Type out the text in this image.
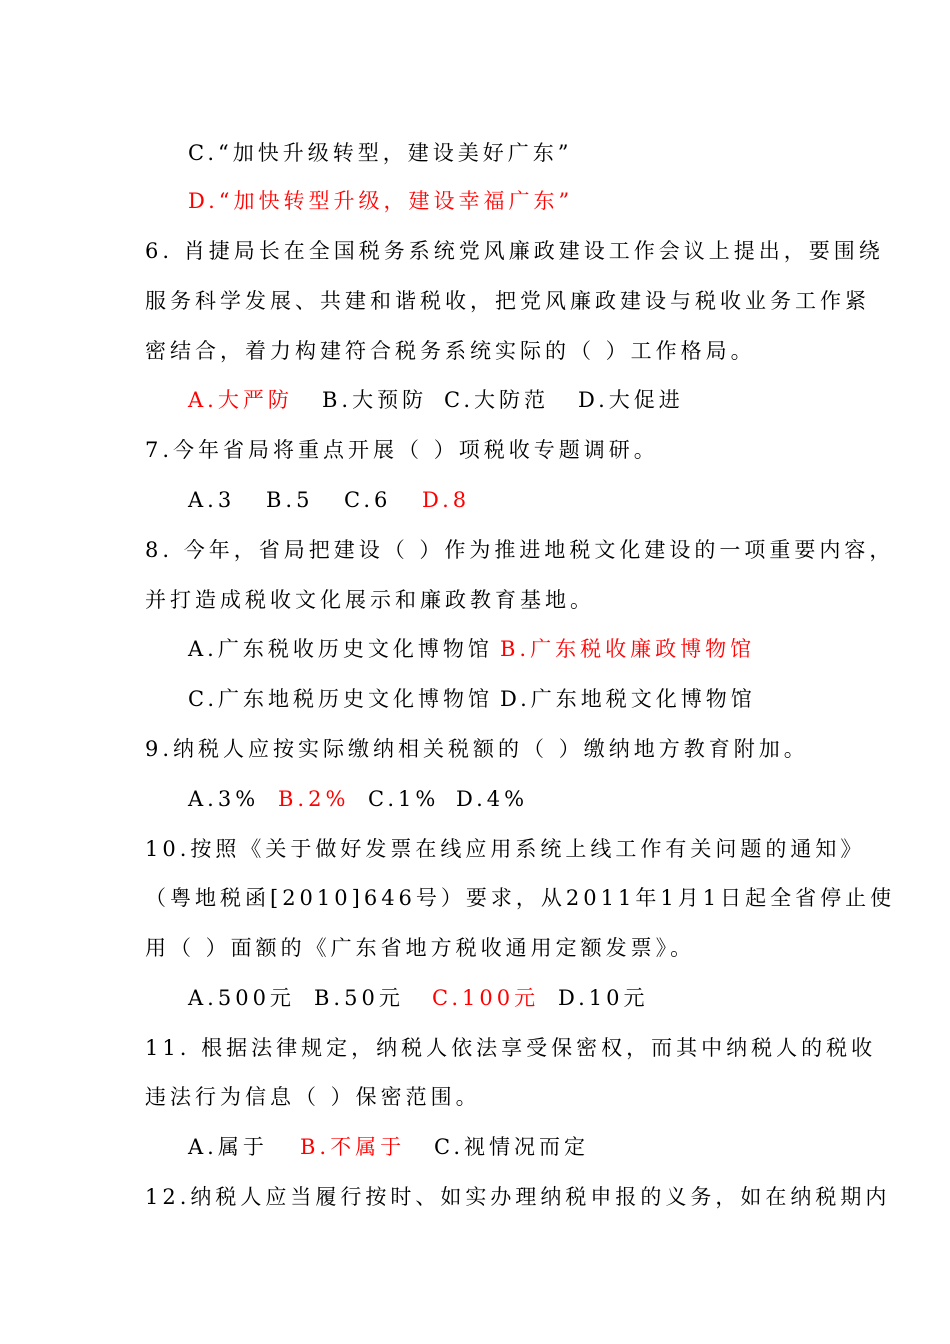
C.“加快升级转型，建设美好广东”
D.“加快转型升级，建设幸福广东”
6. 肖捷局长在全国税务系统党风廉政建设工作会议上提出，要围绕
服务科学发展、共建和谐税收，把党风廉政建设与税收业务工作紧
密结合，着力构建符合税务系统实际的（ ）工作格局。
A.大严防 B.大预防 C.大防范 D.大促进
7.今年省局将重点开展（ ）项税收专题调研。
A.3 B.5 C.6 D.8
8. 今年，省局把建设（ ）作为推进地税文化建设的一项重要内容，
并打造成税收文化展示和廉政教育基地。
A.广东税收历史文化博物馆 B.广东税收廉政博物馆
C.广东地税历史文化博物馆 D.广东地税文化博物馆
9.纳税人应按实际缴纳相关税额的（ ）缴纳地方教育附加。
A.3% B.2% C.1% D.4%
10.按照《关于做好发票在线应用系统上线工作有关问题的通知》
（粤地税函[2010]646号）要求，从2011年1月1日起全省停止使
用（ ）面额的《广东省地方税收通用定额发票》。
A.500元 B.50元 C.100元 D.10元
11. 根据法律规定，纳税人依法享受保密权，而其中纳税人的税收
违法行为信息（ ）保密范围。
A.属于 B.不属于 C.视情况而定
12.纳税人应当履行按时、如实办理纳税申报的义务，如在纳税期内
